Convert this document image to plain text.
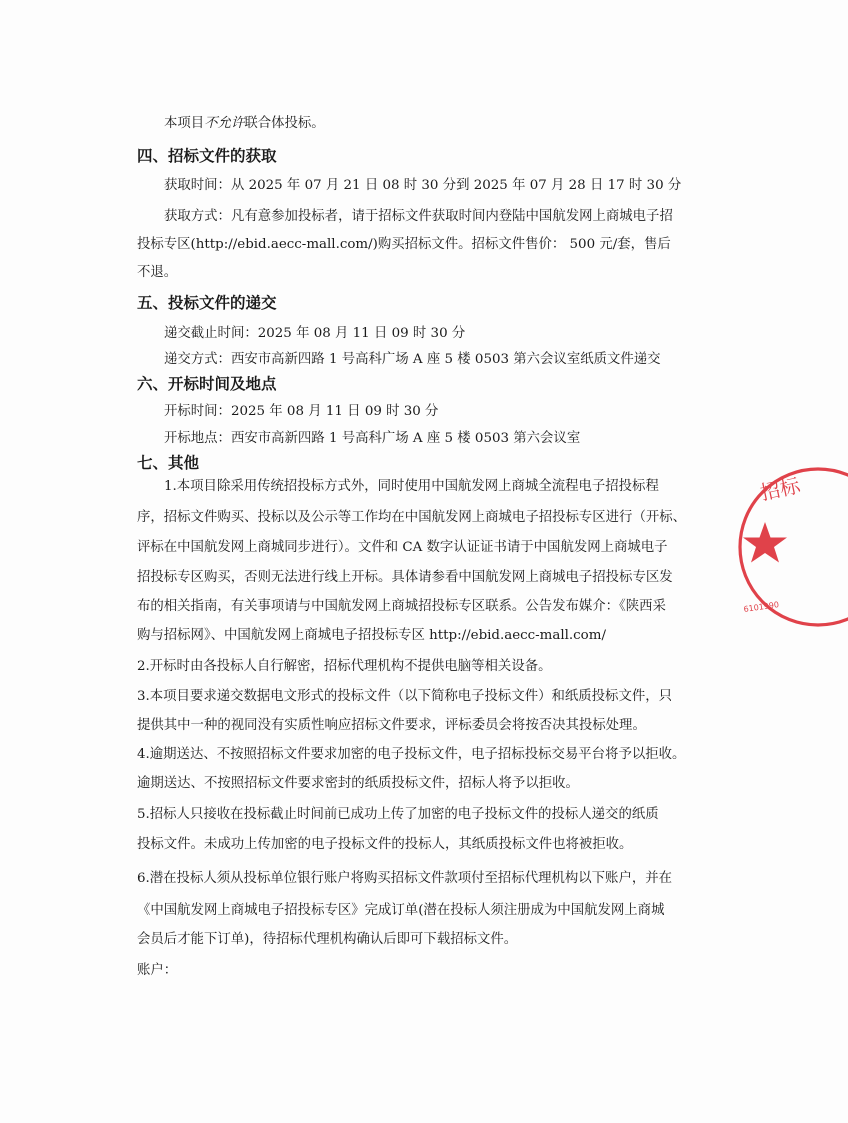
本项目不允许联合体投标。

四、招标文件的获取

获取时间：从 2025 年 07 月 21 日 08 时 30 分到 2025 年 07 月 28 日 17 时 30 分

获取方式：凡有意参加投标者，请于招标文件获取时间内登陆中国航发网上商城电子招

投标专区(http://ebid.aecc-mall.com/)购买招标文件。招标文件售价： 500 元/套，售后

不退。

五、投标文件的递交

递交截止时间：2025 年 08 月 11 日 09 时 30 分

递交方式：西安市高新四路 1 号高科广场 A 座 5 楼 0503 第六会议室纸质文件递交

六、开标时间及地点

开标时间：2025 年 08 月 11 日 09 时 30 分

开标地点：西安市高新四路 1 号高科广场 A 座 5 楼 0503 第六会议室

七、其他

1.本项目除采用传统招投标方式外，同时使用中国航发网上商城全流程电子招投标程

序，招标文件购买、投标以及公示等工作均在中国航发网上商城电子招投标专区进行（开标、

评标在中国航发网上商城同步进行）。文件和 CA 数字认证证书请于中国航发网上商城电子

招投标专区购买，否则无法进行线上开标。具体请参看中国航发网上商城电子招投标专区发

布的相关指南，有关事项请与中国航发网上商城招投标专区联系。公告发布媒介：《陕西采

购与招标网》、中国航发网上商城电子招投标专区 http://ebid.aecc-mall.com/

2.开标时由各投标人自行解密，招标代理机构不提供电脑等相关设备。

3.本项目要求递交数据电文形式的投标文件（以下简称电子投标文件）和纸质投标文件，只

提供其中一种的视同没有实质性响应招标文件要求，评标委员会将按否决其投标处理。

4.逾期送达、不按照招标文件要求加密的电子投标文件，电子招标投标交易平台将予以拒收。

逾期送达、不按照招标文件要求密封的纸质投标文件，招标人将予以拒收。

5.招标人只接收在投标截止时间前已成功上传了加密的电子投标文件的投标人递交的纸质

投标文件。未成功上传加密的电子投标文件的投标人，其纸质投标文件也将被拒收。

6.潜在投标人须从投标单位银行账户将购买招标文件款项付至招标代理机构以下账户，并在

《中国航发网上商城电子招投标专区》完成订单(潜在投标人须注册成为中国航发网上商城

会员后才能下订单)，待招标代理机构确认后即可下载招标文件。

账户：

招标
6101990
